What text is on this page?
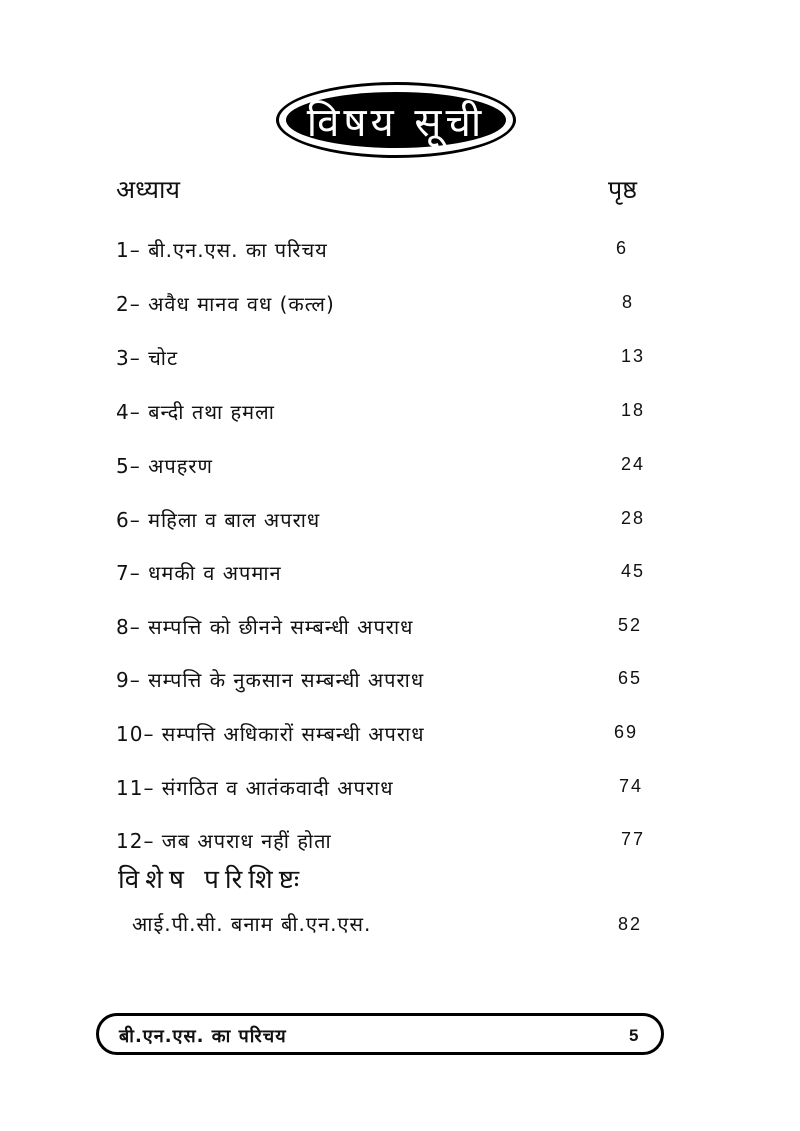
विषय सूची
अध्याय	पृष्ठ
1– बी.एन.एस. का परिचय	6
2– अवैध मानव वध (कत्ल)	8
3– चोट	13
4– बन्दी तथा हमला	18
5– अपहरण	24
6– महिला व बाल अपराध	28
7– धमकी व अपमान	45
8– सम्पत्ति को छीनने सम्बन्धी अपराध	52
9– सम्पत्ति के नुकसान सम्बन्धी अपराध	65
10– सम्पत्ति अधिकारों सम्बन्धी अपराध	69
11– संगठित व आतंकवादी अपराध	74
12– जब अपराध नहीं होता	77
विशेष परिशिष्टः
आई.पी.सी. बनाम बी.एन.एस.	82
बी.एन.एस. का परिचय	5
